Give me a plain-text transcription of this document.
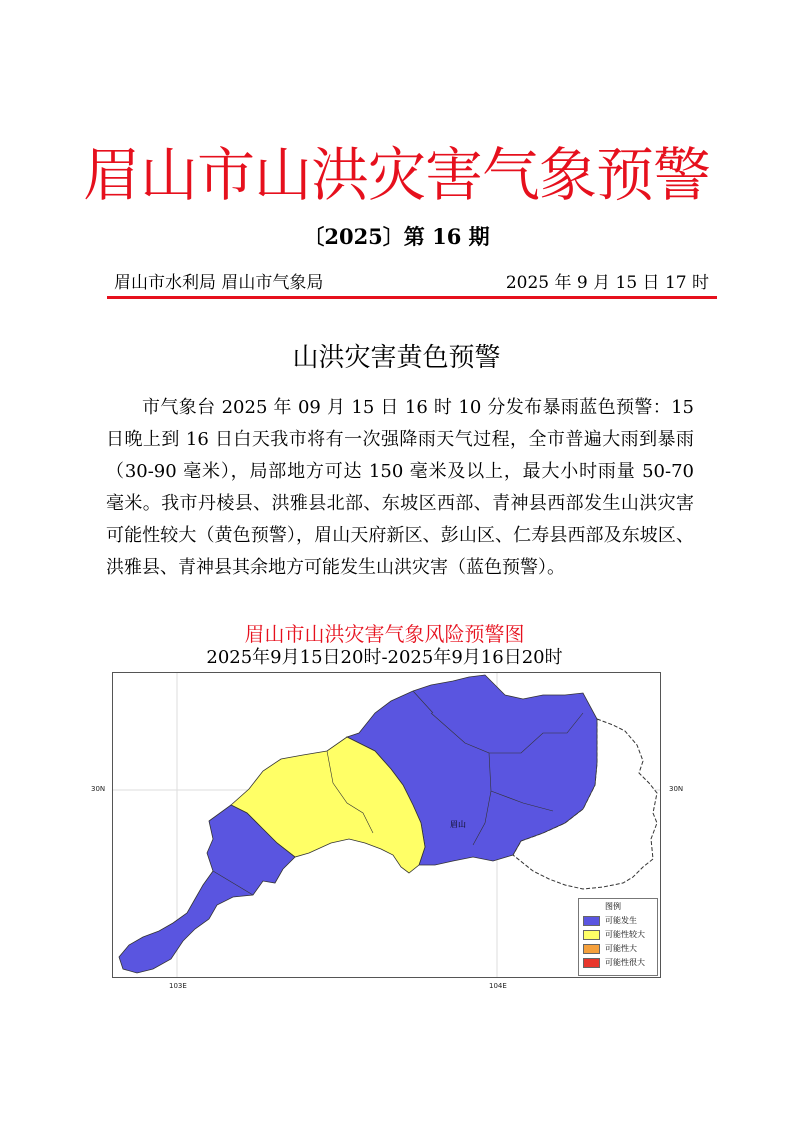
眉山市山洪灾害气象预警
〔2025〕第 16 期
眉山市水利局 眉山市气象局	2025 年 9 月 15 日 17 时
山洪灾害黄色预警
市气象台 2025 年 09 月 15 日 16 时 10 分发布暴雨蓝色预警：15 日晚上到 16 日白天我市将有一次强降雨天气过程，全市普遍大雨到暴雨（30-90 毫米），局部地方可达 150 毫米及以上，最大小时雨量 50-70 毫米。我市丹棱县、洪雅县北部、东坡区西部、青神县西部发生山洪灾害可能性较大（黄色预警），眉山天府新区、彭山区、仁寿县西部及东坡区、洪雅县、青神县其余地方可能发生山洪灾害（蓝色预警）。
眉山市山洪灾害气象风险预警图
2025年9月15日20时-2025年9月16日20时
30N	30N
103E	104E
眉山
图例
可能发生
可能性较大
可能性大
可能性很大
